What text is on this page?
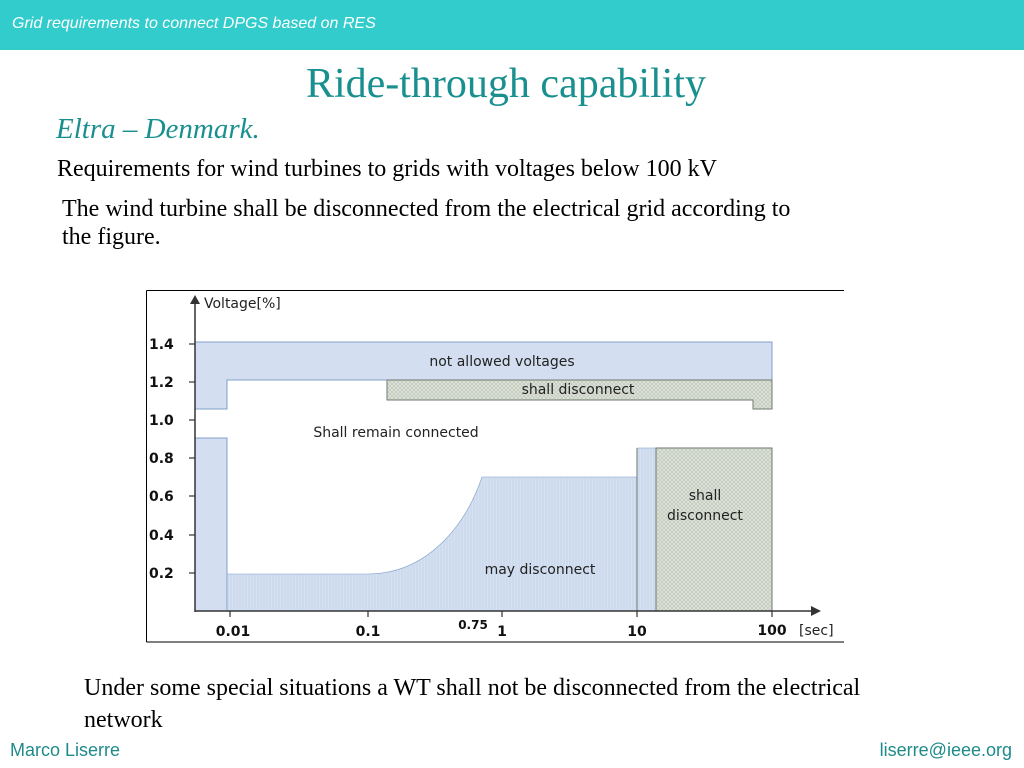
Grid requirements to connect DPGS based on RES
Ride-through capability
Eltra – Denmark.
Requirements for wind turbines to grids with voltages below 100 kV
The wind turbine shall be disconnected from the electrical grid according to the figure.
Voltage[%]
[sec]
1.4
1.2
1.0
0.8
0.6
0.4
0.2
0.01	0.1	0.75 1	10	100
not allowed voltages
shall disconnect
Shall remain connected
shall
disconnect
may disconnect
Under some special situations a WT shall not be disconnected from the electrical network
Marco Liserre	liserre@ieee.org
